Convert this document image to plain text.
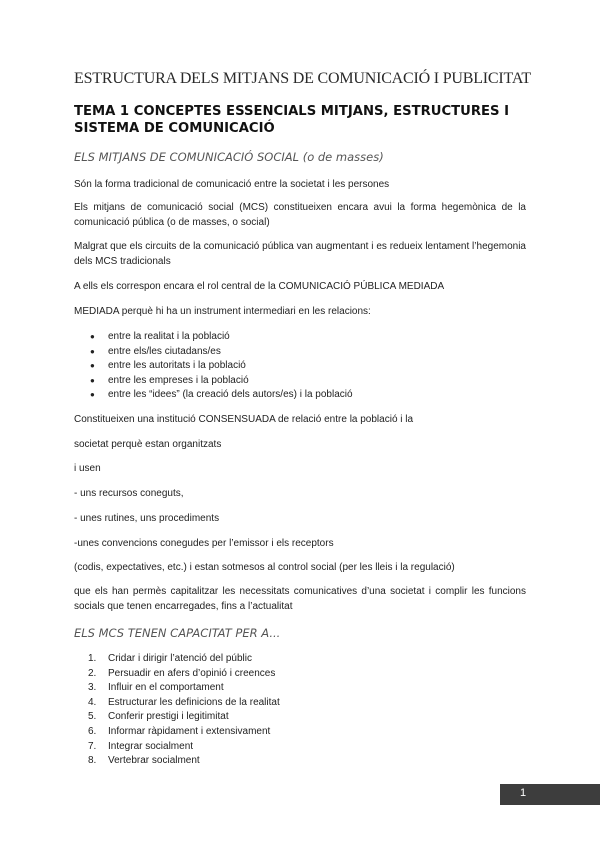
ESTRUCTURA DELS MITJANS DE COMUNICACIÓ I PUBLICITAT
TEMA 1 CONCEPTES ESSENCIALS MITJANS, ESTRUCTURES I SISTEMA DE COMUNICACIÓ
ELS MITJANS DE COMUNICACIÓ SOCIAL (o de masses)
Són la forma tradicional de comunicació entre la societat i les persones
Els mitjans de comunicació social (MCS) constitueixen encara avui la forma hegemònica de la comunicació pública (o de masses, o social)
Malgrat que els circuits de la comunicació pública van augmentant i es redueix lentament l’hegemonia dels MCS tradicionals
A ells els correspon encara el rol central de la COMUNICACIÓ PÚBLICA MEDIADA
MEDIADA perquè hi ha un instrument intermediari en les relacions:
● entre la realitat i la població
● entre els/les ciutadans/es
● entre les autoritats i la població
● entre les empreses i la població
● entre les “idees” (la creació dels autors/es) i la població
Constitueixen una institució CONSENSUADA de relació entre la població i la
societat perquè estan organitzats
i usen
- uns recursos coneguts,
- unes rutines, uns procediments
-unes convencions conegudes per l’emissor i els receptors
(codis, expectatives, etc.) i estan sotmesos al control social (per les lleis i la regulació)
que els han permès capitalitzar les necessitats comunicatives d’una societat i complir les funcions socials que tenen encarregades, fins a l’actualitat
ELS MCS TENEN CAPACITAT PER A...
1. Cridar i dirigir l’atenció del públic
2. Persuadir en afers d’opinió i creences
3. Influir en el comportament
4. Estructurar les definicions de la realitat
5. Conferir prestigi i legitimitat
6. Informar ràpidament i extensivament
7. Integrar socialment
8. Vertebrar socialment
1
